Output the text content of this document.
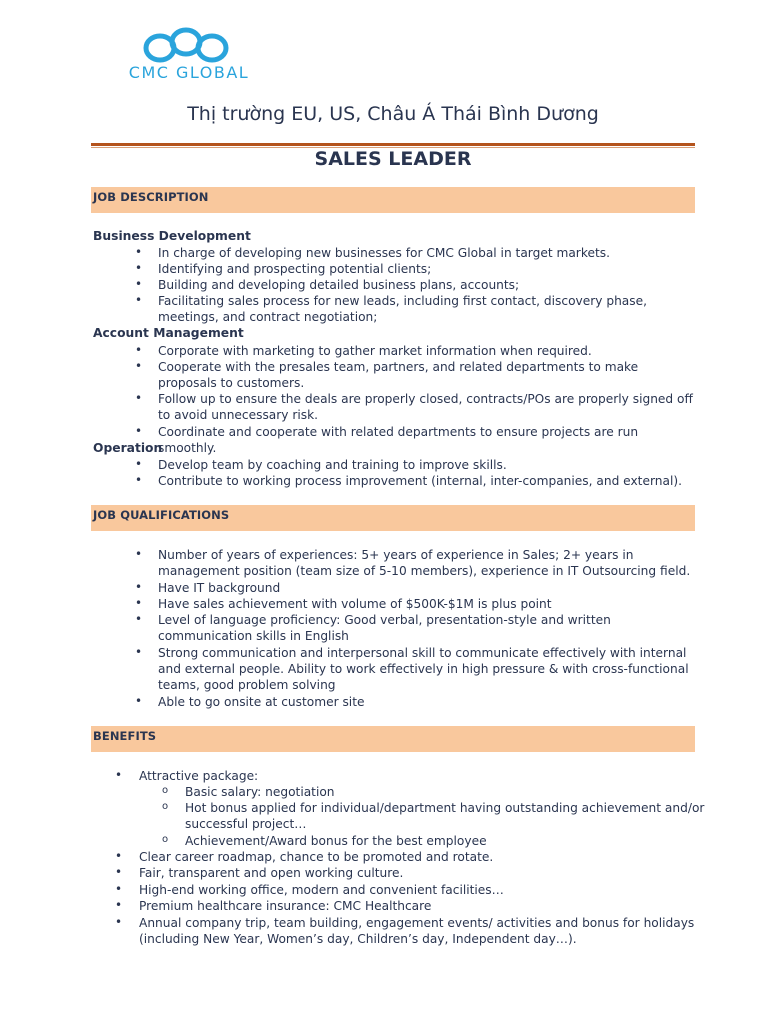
CMC GLOBAL
Thị trường EU, US, Châu Á Thái Bình Dương
SALES LEADER
JOB DESCRIPTION
Business Development
• In charge of developing new businesses for CMC Global in target markets.
• Identifying and prospecting potential clients;
• Building and developing detailed business plans, accounts;
• Facilitating sales process for new leads, including first contact, discovery phase, meetings, and contract negotiation;
Account Management
• Corporate with marketing to gather market information when required.
• Cooperate with the presales team, partners, and related departments to make proposals to customers.
• Follow up to ensure the deals are properly closed, contracts/POs are properly signed off to avoid unnecessary risk.
• Coordinate and cooperate with related departments to ensure projects are run smoothly.
Operation
• Develop team by coaching and training to improve skills.
• Contribute to working process improvement (internal, inter-companies, and external).
JOB QUALIFICATIONS
• Number of years of experiences: 5+ years of experience in Sales; 2+ years in management position (team size of 5-10 members), experience in IT Outsourcing field.
• Have IT background
• Have sales achievement with volume of $500K-$1M is plus point
• Level of language proficiency: Good verbal, presentation-style and written communication skills in English
• Strong communication and interpersonal skill to communicate effectively with internal and external people. Ability to work effectively in high pressure & with cross-functional teams, good problem solving
• Able to go onsite at customer site
BENEFITS
• Attractive package:
o Basic salary: negotiation
o Hot bonus applied for individual/department having outstanding achievement and/or successful project…
o Achievement/Award bonus for the best employee
• Clear career roadmap, chance to be promoted and rotate.
• Fair, transparent and open working culture.
• High-end working office, modern and convenient facilities…
• Premium healthcare insurance: CMC Healthcare
• Annual company trip, team building, engagement events/ activities and bonus for holidays (including New Year, Women’s day, Children’s day, Independent day…).
